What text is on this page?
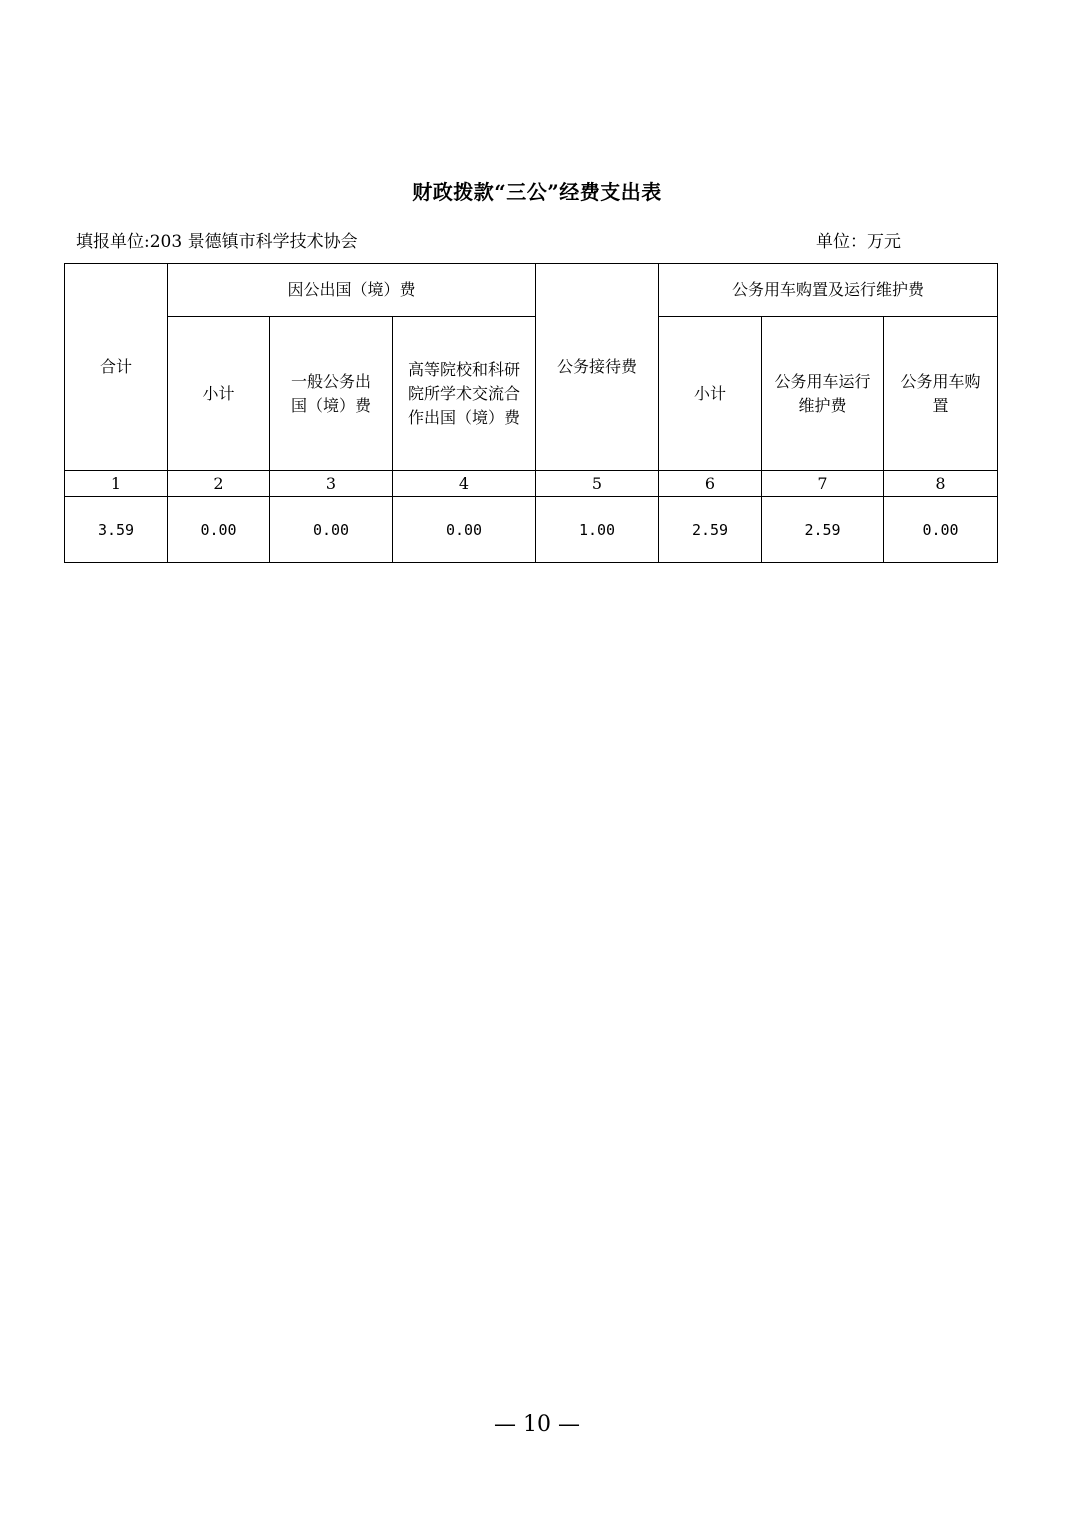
财政拨款“三公”经费支出表
填报单位:203 景德镇市科学技术协会	单位：万元
合计	因公出国（境）费			公务接待费	公务用车购置及运行维护费		
	小计	一般公务出国（境）费	高等院校和科研院所学术交流合作出国（境）费		小计	公务用车运行维护费	公务用车购置
1	2	3	4	5	6	7	8
3.59	0.00	0.00	0.00	1.00	2.59	2.59	0.00
— 10 —
